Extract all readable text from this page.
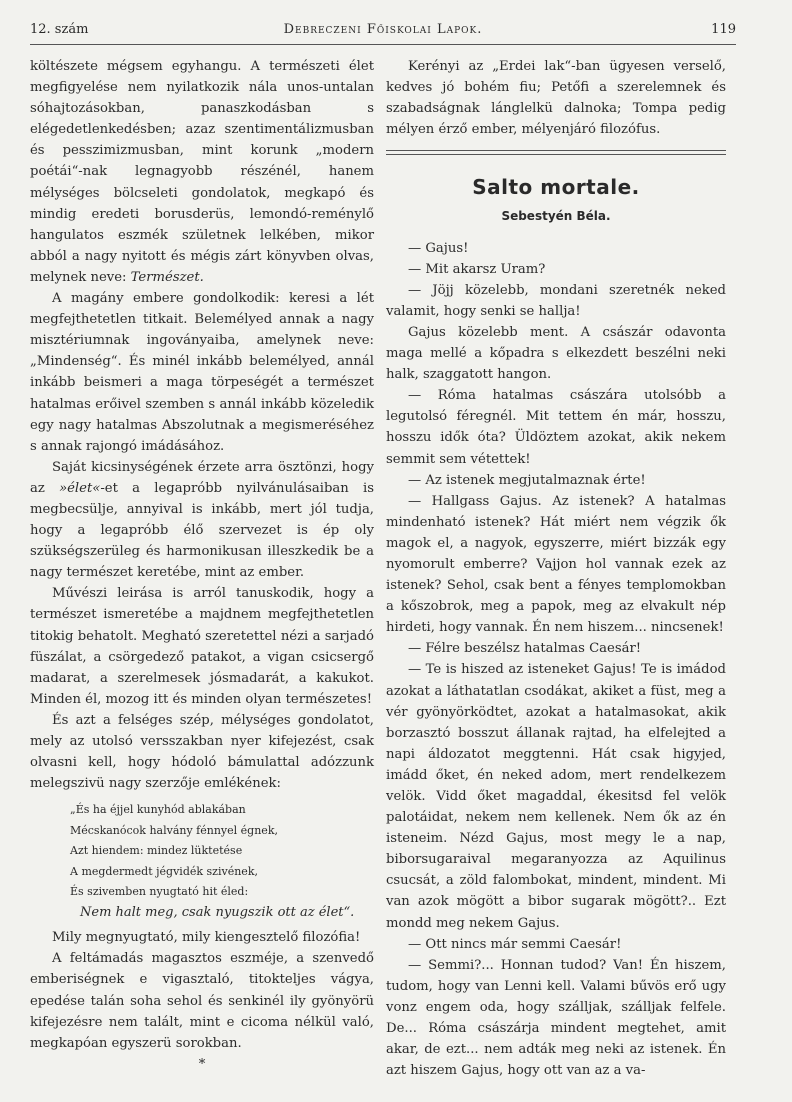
12. szám	Debreczeni Főiskolai Lapok.	119

költészete mégsem egyhangu. A természeti élet megfigyelése nem nyilatkozik nála unos-untalan sóhajtozásokban, panaszkodásban s elégedetlenkedésben; azaz szentimentálizmusban és pesszimizmusban, mint korunk „modern poétái“-nak legnagyobb részénél, hanem mélységes bölcseleti gondolatok, megkapó és mindig eredeti borusderüs, lemondó-reménylő hangulatos eszmék születnek lelkében, mikor abból a nagy nyitott és mégis zárt könyvben olvas, melynek neve: Természet.

A magány embere gondolkodik: keresi a lét megfejthetetlen titkait. Belemélyed annak a nagy misztériumnak ingoványaiba, amelynek neve: „Mindenség“. És minél inkább belemélyed, annál inkább beismeri a maga törpeségét a természet hatalmas erőivel szemben s annál inkább közeledik egy nagy hatalmas Abszolutnak a megismeréséhez s annak rajongó imádásához.

Saját kicsinységének érzete arra ösztönzi, hogy az »élet«-et a legapróbb nyilvánulásaiban is megbecsülje, annyival is inkább, mert jól tudja, hogy a legapróbb élő szervezet is ép oly szükségszerüleg és harmonikusan illeszkedik be a nagy természet keretébe, mint az ember.

Művészi leirása is arról tanuskodik, hogy a természet ismeretébe a majdnem megfejthetetlen titokig behatolt. Megható szeretettel nézi a sarjadó füszálat, a csörgedező patakot, a vigan csicsergő madarat, a szerelmesek jósmadarát, a kakukot. Minden él, mozog itt és minden olyan természetes!

És azt a felséges szép, mélységes gondolatot, mely az utolsó versszakban nyer kifejezést, csak olvasni kell, hogy hódoló bámulattal adózzunk melegszivü nagy szerzője emlékének:

„És ha éjjel kunyhód ablakában
Mécskanócok halvány fénnyel égnek,
Azt hiendem: mindez lüktetése
A megdermedt jégvidék szivének,
És szivemben nyugtató hit éled:
Nem halt meg, csak nyugszik ott az élet“.

Mily megnyugtató, mily kiengesztelő filozófia!

A feltámadás magasztos eszméje, a szenvedő emberiségnek e vigasztaló, titokteljes vágya, epedése talán soha sehol és senkinél ily gyönyörü kifejezésre nem talált, mint e cicoma nélkül való, megkapóan egyszerü sorokban.

*

Kerényi az „Erdei lak“-ban ügyesen verselő, kedves jó bohém fiu; Petőfi a szerelemnek és szabadságnak lánglelkü dalnoka; Tompa pedig mélyen érző ember, mélyenjáró filozófus.

Salto mortale.
Sebestyén Béla.

— Gajus!

— Mit akarsz Uram?

— Jöjj közelebb, mondani szeretnék neked valamit, hogy senki se hallja!

Gajus közelebb ment. A császár odavonta maga mellé a kőpadra s elkezdett beszélni neki halk, szaggatott hangon.

— Róma hatalmas császára utolsóbb a legutolsó féregnél. Mit tettem én már, hosszu, hosszu idők óta? Üldöztem azokat, akik nekem semmit sem vétettek!

— Az istenek megjutalmaznak érte!

— Hallgass Gajus. Az istenek? A hatalmas mindenható istenek? Hát miért nem végzik ők magok el, a nagyok, egyszerre, miért bizzák egy nyomorult emberre? Vajjon hol vannak ezek az istenek? Sehol, csak bent a fényes templomokban a kőszobrok, meg a papok, meg az elvakult nép hirdeti, hogy vannak. Én nem hiszem... nincsenek!

— Félre beszélsz hatalmas Caesár!

— Te is hiszed az isteneket Gajus! Te is imádod azokat a láthatatlan csodákat, akiket a füst, meg a vér gyönyörködtet, azokat a hatalmasokat, akik borzasztó bosszut állanak rajtad, ha elfelejted a napi áldozatot meggtenni. Hát csak higyjed, imádd őket, én neked adom, mert rendelkezem velök. Vidd őket magaddal, ékesitsd fel velök palotáidat, nekem nem kellenek. Nem ők az én isteneim. Nézd Gajus, most megy le a nap, biborsugaraival megaranyozza az Aquilinus csucsát, a zöld falombokat, mindent, mindent. Mi van azok mögött a bibor sugarak mögött?.. Ezt mondd meg nekem Gajus.

— Ott nincs már semmi Caesár!

— Semmi?... Honnan tudod? Van! Én hiszem, tudom, hogy van Lenni kell. Valami bűvös erő ugy vonz engem oda, hogy szálljak, szálljak felfele. De... Róma császárja mindent megtehet, amit akar, de ezt... nem adták meg neki az istenek. Én azt hiszem Gajus, hogy ott van az a va-
